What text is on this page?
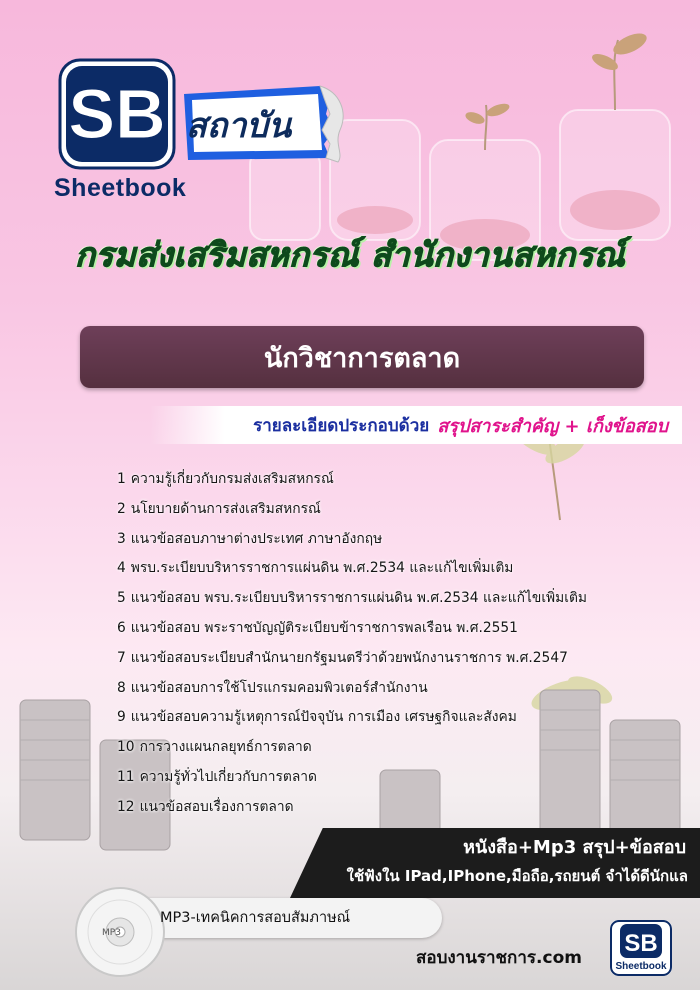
SB
Sheetbook
สถาบัน
กรมส่งเสริมสหกรณ์ สำนักงานสหกรณ์
นักวิชาการตลาด
รายละเอียดประกอบด้วย สรุปสาระสำคัญ + เก็งข้อสอบ
1 ความรู้เกี่ยวกับกรมส่งเสริมสหกรณ์
2 นโยบายด้านการส่งเสริมสหกรณ์
3 แนวข้อสอบภาษาต่างประเทศ ภาษาอังกฤษ
4 พรบ.ระเบียบบริหารราชการแผ่นดิน พ.ศ.2534 และแก้ไขเพิ่มเติม
5 แนวข้อสอบ พรบ.ระเบียบบริหารราชการแผ่นดิน พ.ศ.2534 และแก้ไขเพิ่มเติม
6 แนวข้อสอบ พระราชบัญญัติระเบียบข้าราชการพลเรือน พ.ศ.2551
7 แนวข้อสอบระเบียบสำนักนายกรัฐมนตรีว่าด้วยพนักงานราชการ พ.ศ.2547
8 แนวข้อสอบการใช้โปรแกรมคอมพิวเตอร์สำนักงาน
9 แนวข้อสอบความรู้เหตุการณ์ปัจจุบัน การเมือง เศรษฐกิจและสังคม
10 การวางแผนกลยุทธ์การตลาด
11 ความรู้ทั่วไปเกี่ยวกับการตลาด
12 แนวข้อสอบเรื่องการตลาด
หนังสือ+Mp3 สรุป+ข้อสอบ
ใช้ฟังใน IPad,IPhone,มือถือ,รถยนต์ จำได้ดีนักแล
MP3
MP3-เทคนิคการสอบสัมภาษณ์
สอบงานราชการ.com
SB
Sheetbook
